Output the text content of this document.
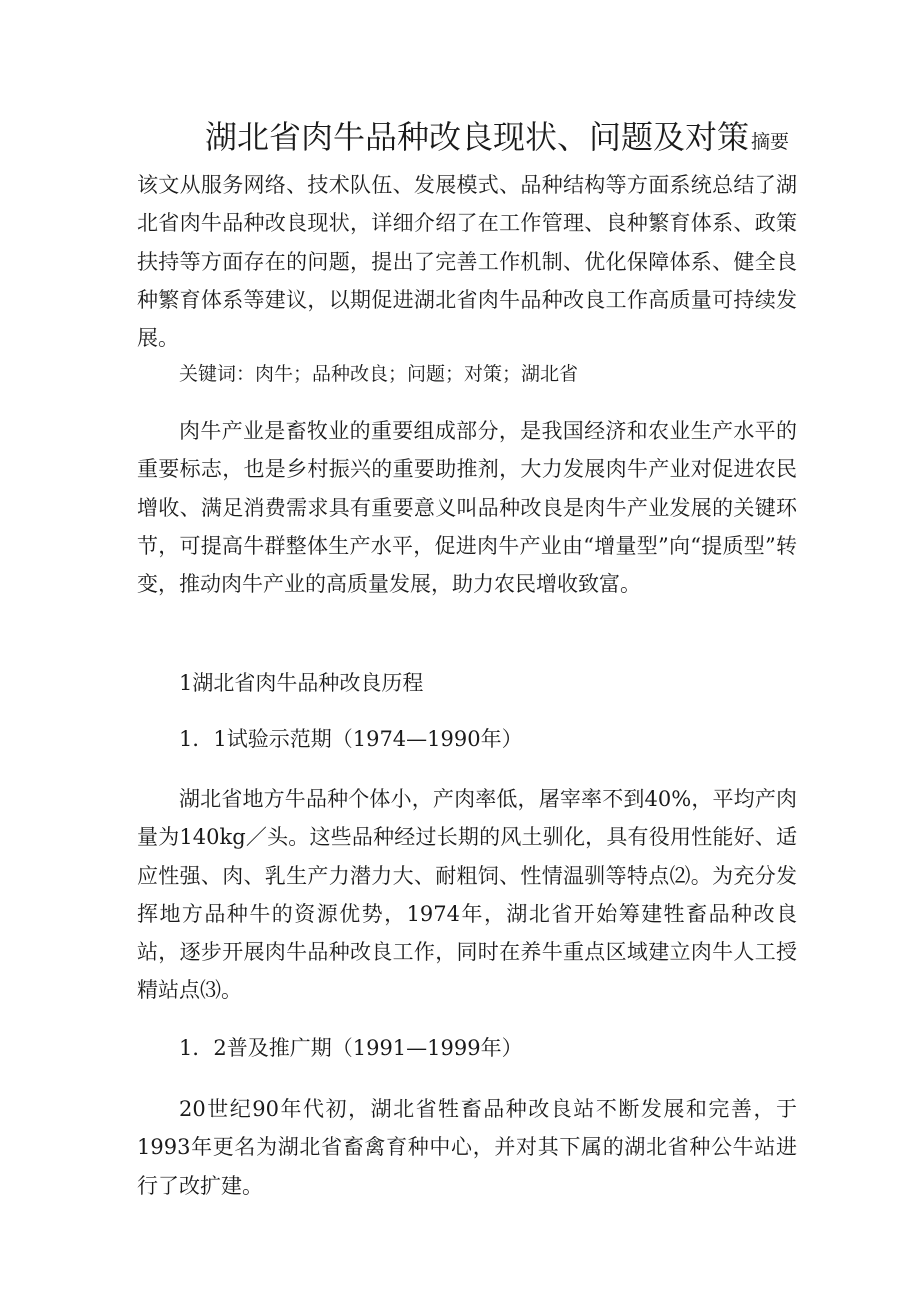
湖北省肉牛品种改良现状、问题及对策 摘要
该文从服务网络、技术队伍、发展模式、品种结构等方面系统总结了湖北省肉牛品种改良现状，详细介绍了在工作管理、良种繁育体系、政策扶持等方面存在的问题，提出了完善工作机制、优化保障体系、健全良种繁育体系等建议，以期促进湖北省肉牛品种改良工作高质量可持续发展。
关键词：肉牛；品种改良；问题；对策；湖北省
肉牛产业是畜牧业的重要组成部分，是我国经济和农业生产水平的重要标志，也是乡村振兴的重要助推剂，大力发展肉牛产业对促进农民增收、满足消费需求具有重要意义叫品种改良是肉牛产业发展的关键环节，可提高牛群整体生产水平，促进肉牛产业由“增量型”向“提质型”转变，推动肉牛产业的高质量发展，助力农民增收致富。
1湖北省肉牛品种改良历程
1．1试验示范期（1974—1990年）
湖北省地方牛品种个体小，产肉率低，屠宰率不到40%，平均产肉量为140kg／头。这些品种经过长期的风土驯化，具有役用性能好、适应性强、肉、乳生产力潜力大、耐粗饲、性情温驯等特点⑵。为充分发挥地方品种牛的资源优势，1974年，湖北省开始筹建牲畜品种改良站，逐步开展肉牛品种改良工作，同时在养牛重点区域建立肉牛人工授精站点⑶。
1．2普及推广期（1991—1999年）
20世纪90年代初，湖北省牲畜品种改良站不断发展和完善，于1993年更名为湖北省畜禽育种中心，并对其下属的湖北省种公牛站进行了改扩建。
